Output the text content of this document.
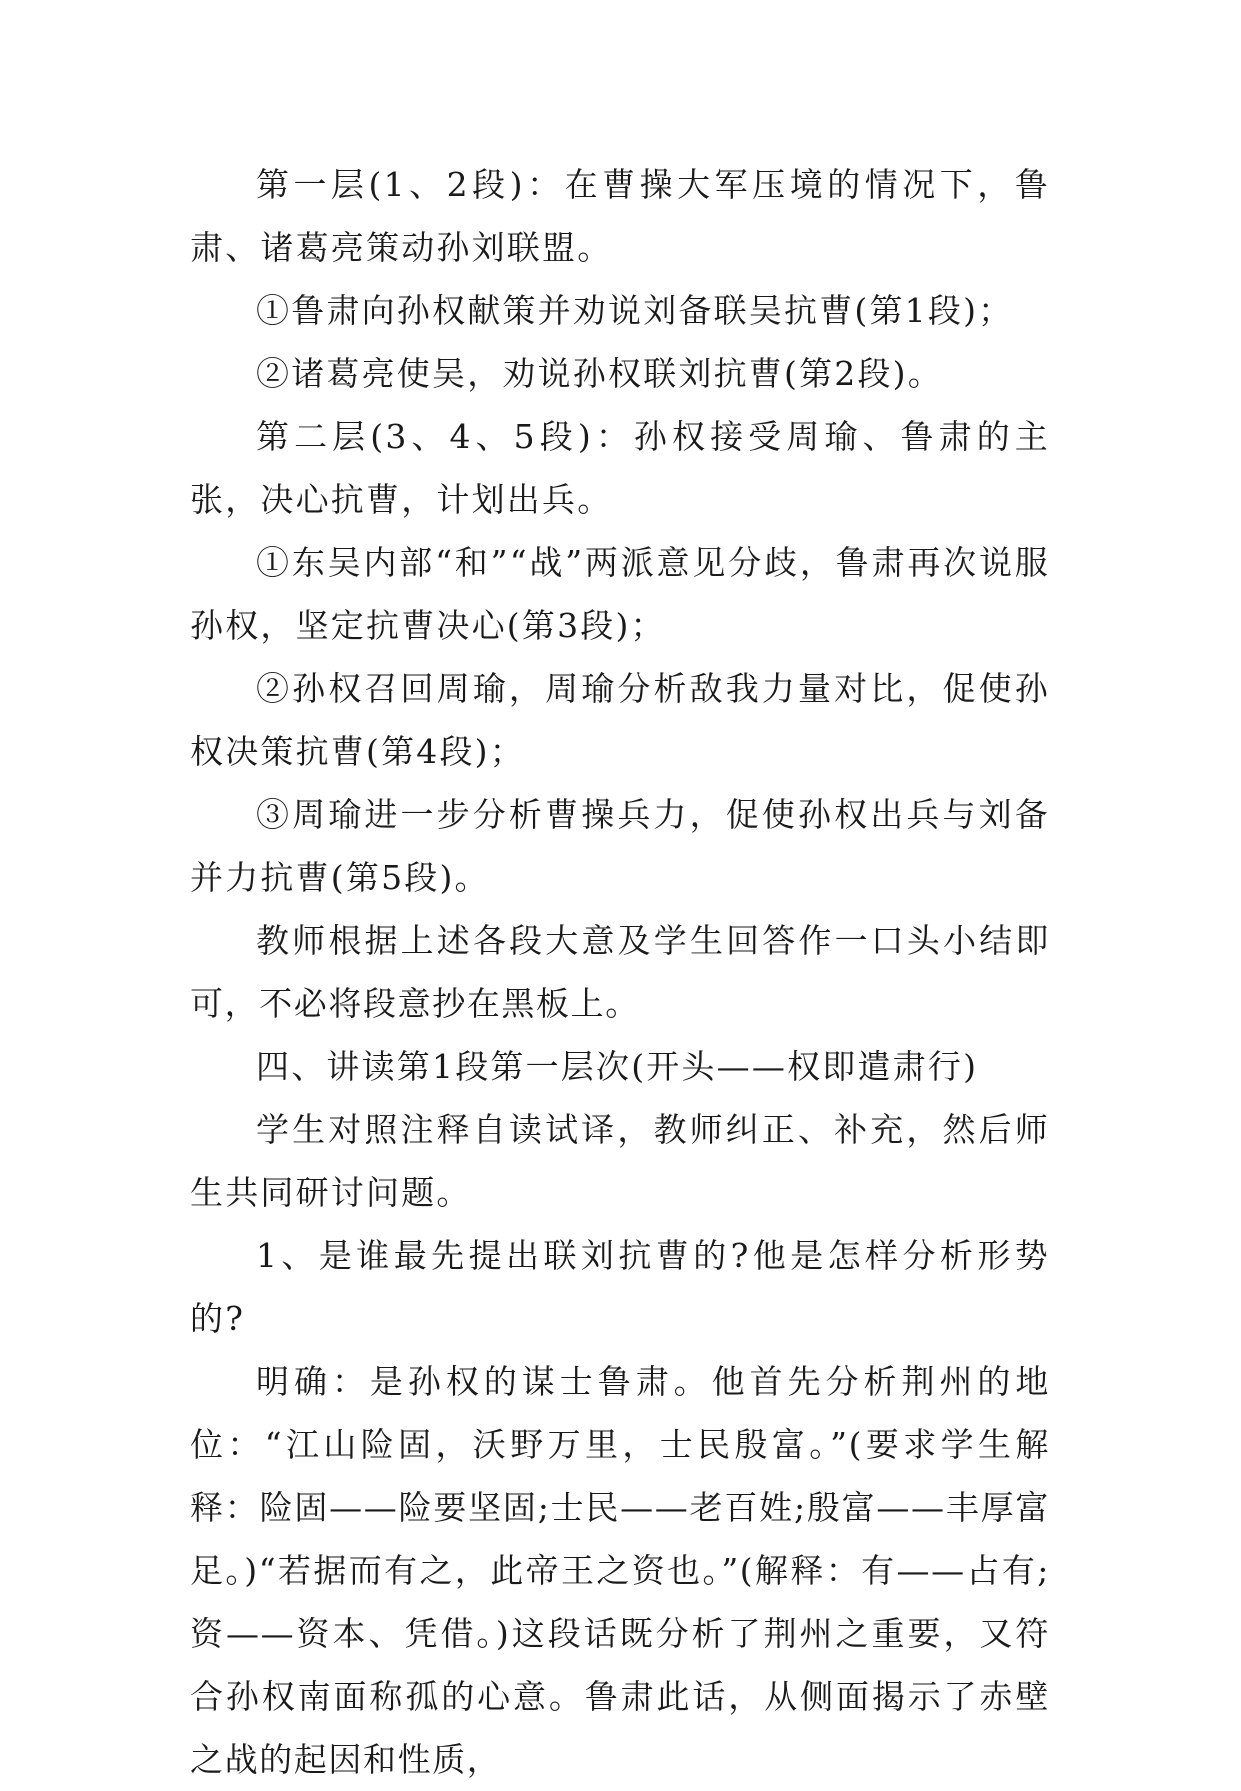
第一层(1、2段)：在曹操大军压境的情况下，鲁肃、诸葛亮策动孙刘联盟。

①鲁肃向孙权献策并劝说刘备联吴抗曹(第1段)；

②诸葛亮使吴，劝说孙权联刘抗曹(第2段)。

第二层(3、4、5段)：孙权接受周瑜、鲁肃的主张，决心抗曹，计划出兵。

①东吴内部“和”“战”两派意见分歧，鲁肃再次说服孙权，坚定抗曹决心(第3段)；

②孙权召回周瑜，周瑜分析敌我力量对比，促使孙权决策抗曹(第4段)；

③周瑜进一步分析曹操兵力，促使孙权出兵与刘备并力抗曹(第5段)。

教师根据上述各段大意及学生回答作一口头小结即可，不必将段意抄在黑板上。

四、讲读第1段第一层次(开头——权即遣肃行)

学生对照注释自读试译，教师纠正、补充，然后师生共同研讨问题。

1、是谁最先提出联刘抗曹的?他是怎样分析形势的?

明确：是孙权的谋士鲁肃。他首先分析荆州的地位：“江山险固，沃野万里，士民殷富。”(要求学生解释：险固——险要坚固;士民——老百姓;殷富——丰厚富足。)“若据而有之，此帝王之资也。”(解释：有——占有;资——资本、凭借。)这段话既分析了荆州之重要，又符合孙权南面称孤的心意。鲁肃此话，从侧面揭示了赤壁之战的起因和性质，
